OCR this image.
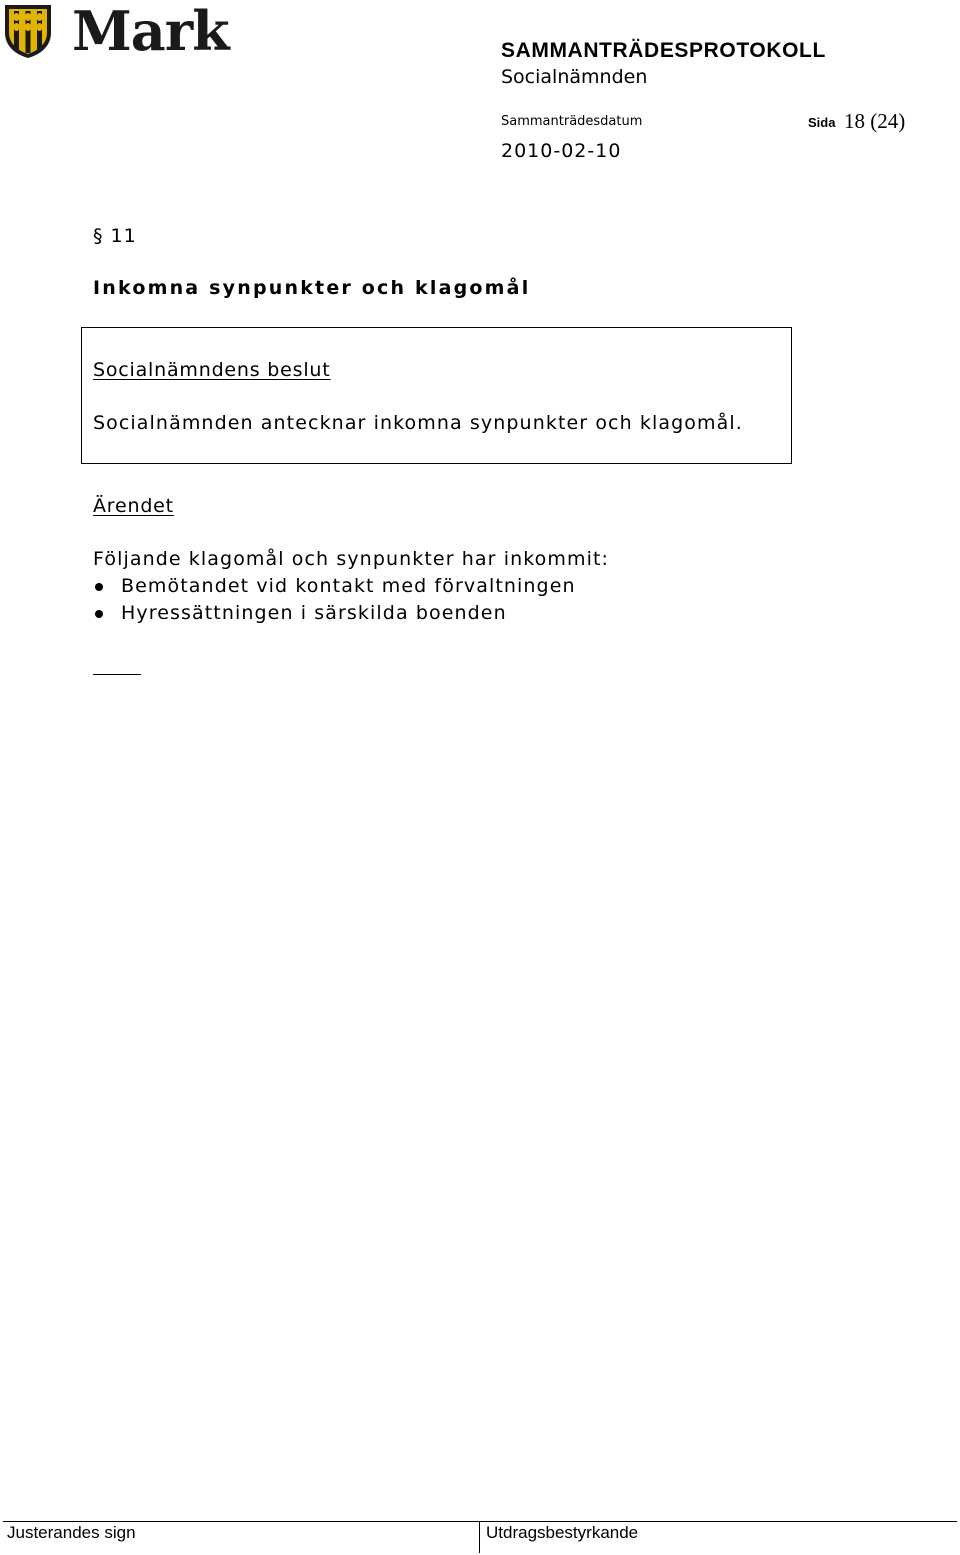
Mark	SAMMANTRÄDESPROTOKOLL
Socialnämnden
Sammanträdesdatum	Sida 18 (24)
2010-02-10
§ 11
Inkomna synpunkter och klagomål
Socialnämndens beslut
Socialnämnden antecknar inkomna synpunkter och klagomål.
Ärendet
Följande klagomål och synpunkter har inkommit:
Bemötandet vid kontakt med förvaltningen
Hyressättningen i särskilda boenden
Justerandes sign	Utdragsbestyrkande
